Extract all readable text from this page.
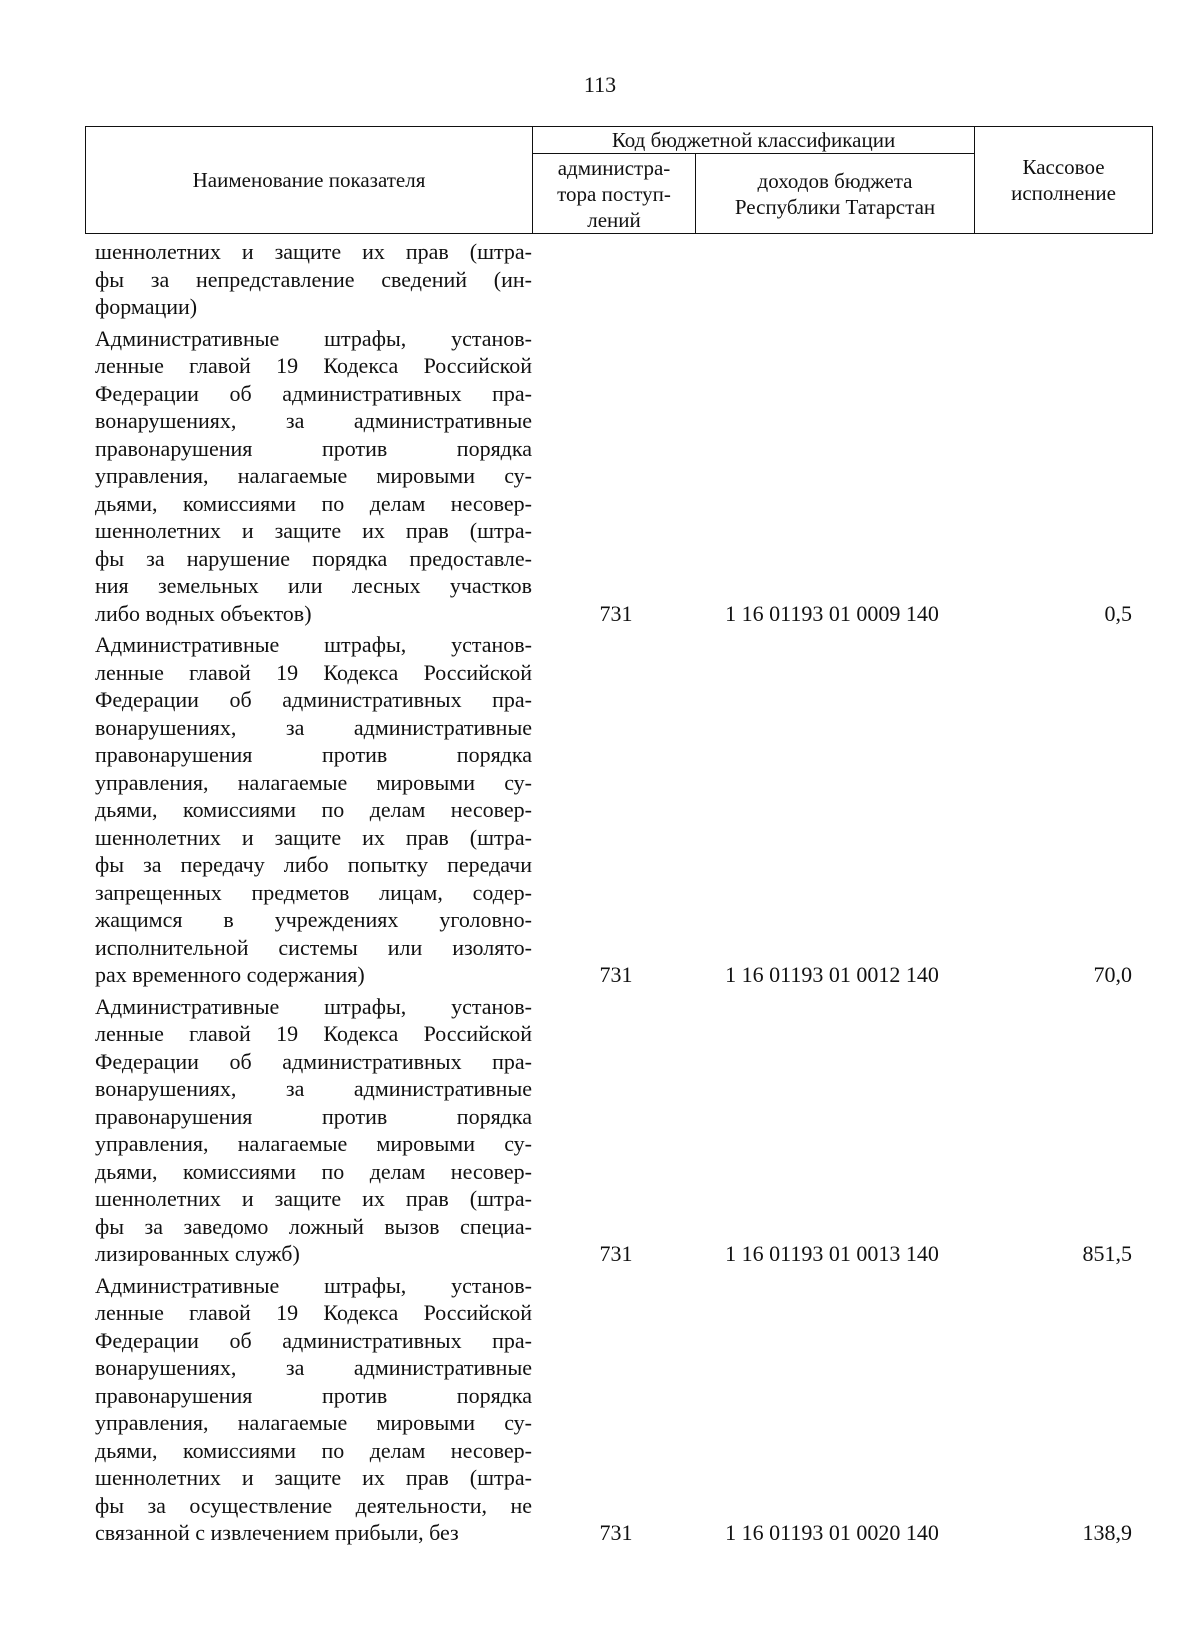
113
Наименование показателя	Код бюджетной классификации		Кассовое исполнение
	администра-тора поступ-лений	доходов бюджета Республики Татарстан	
шеннолетних и защите их прав (штра-
фы за непредставление сведений (ин-
формации)
Административные штрафы, установ-
ленные главой 19 Кодекса Российской
Федерации об административных пра-
вонарушениях, за административные
правонарушения против порядка
управления, налагаемые мировыми су-
дьями, комиссиями по делам несовер-
шеннолетних и защите их прав (штра-
фы за нарушение порядка предоставле-
ния земельных или лесных участков
либо водных объектов)	731	1 16 01193 01 0009 140	0,5
Административные штрафы, установ-
ленные главой 19 Кодекса Российской
Федерации об административных пра-
вонарушениях, за административные
правонарушения против порядка
управления, налагаемые мировыми су-
дьями, комиссиями по делам несовер-
шеннолетних и защите их прав (штра-
фы за передачу либо попытку передачи
запрещенных предметов лицам, содер-
жащимся в учреждениях уголовно-
исполнительной системы или изолято-
рах временного содержания)	731	1 16 01193 01 0012 140	70,0
Административные штрафы, установ-
ленные главой 19 Кодекса Российской
Федерации об административных пра-
вонарушениях, за административные
правонарушения против порядка
управления, налагаемые мировыми су-
дьями, комиссиями по делам несовер-
шеннолетних и защите их прав (штра-
фы за заведомо ложный вызов специа-
лизированных служб)	731	1 16 01193 01 0013 140	851,5
Административные штрафы, установ-
ленные главой 19 Кодекса Российской
Федерации об административных пра-
вонарушениях, за административные
правонарушения против порядка
управления, налагаемые мировыми су-
дьями, комиссиями по делам несовер-
шеннолетних и защите их прав (штра-
фы за осуществление деятельности, не
связанной с извлечением прибыли, без	731	1 16 01193 01 0020 140	138,9
